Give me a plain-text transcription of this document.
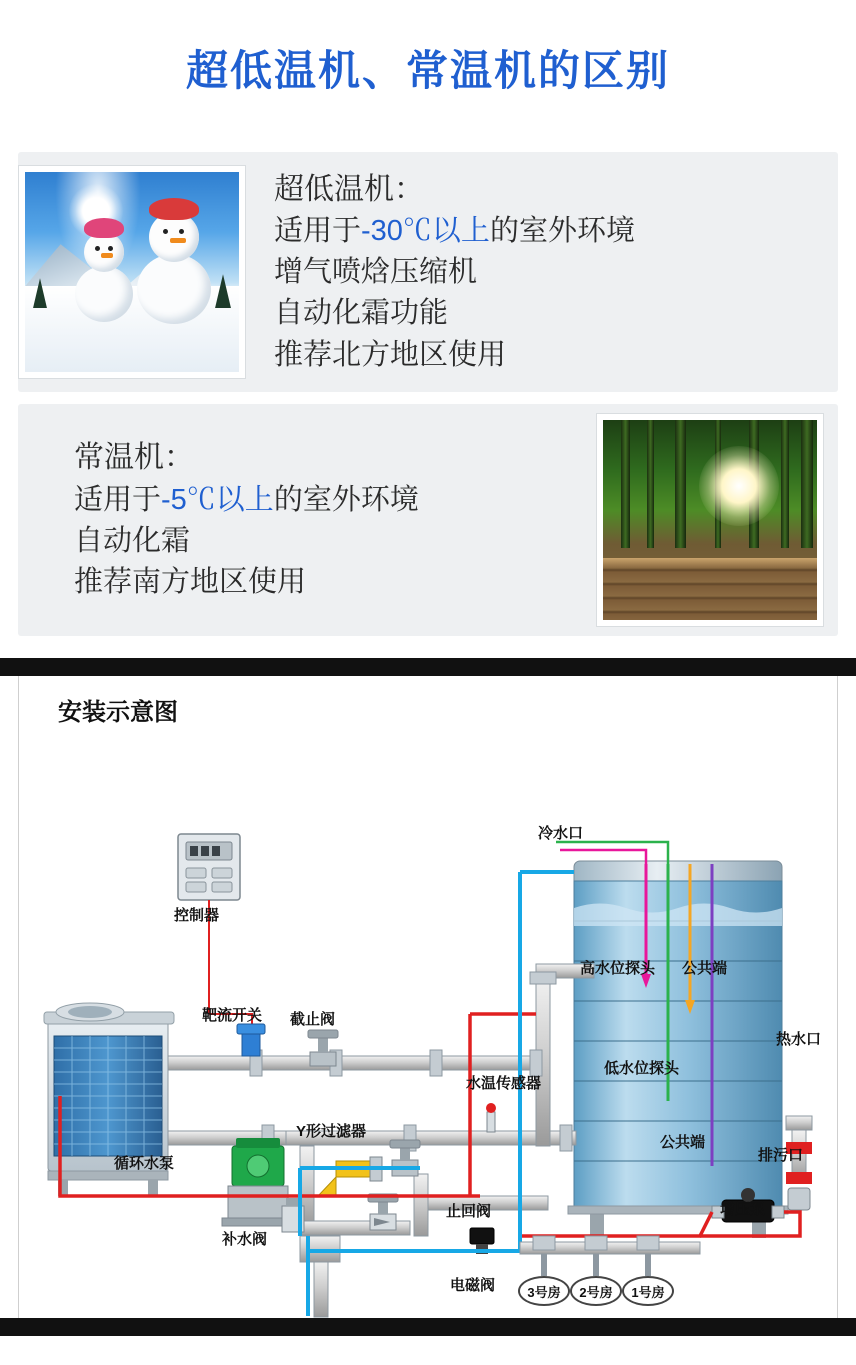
超低温机、常温机的区别
超低温机：
适用于-30℃以上的室外环境
增气喷焓压缩机
自动化霜功能
推荐北方地区使用
常温机：
适用于-5℃以上的室外环境
自动化霜
推荐南方地区使用
安装示意图
控制器
靶流开关 截止阀
冷水口
高水位探头 公共端
低水位探头
公共端
热水口
排污口
水温传感器
循环水泵
Y形过滤器
补水阀
止回阀
电磁阀
增压泵
3号房	2号房	1号房
